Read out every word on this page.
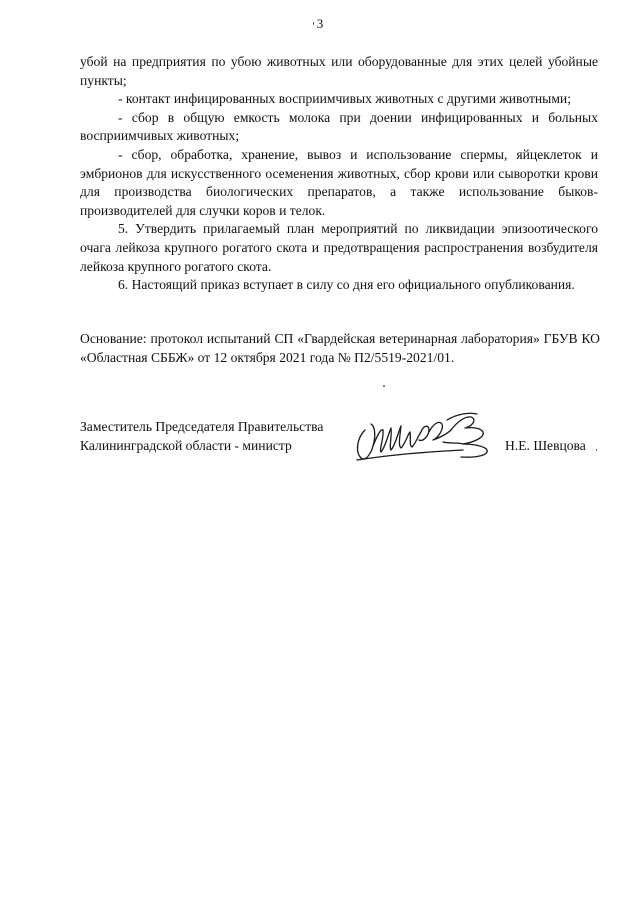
3

убой на предприятия по убою животных или оборудованные для этих целей убойные пункты;

- контакт инфицированных восприимчивых животных с другими животными;

- сбор в общую емкость молока при доении инфицированных и больных восприимчивых животных;

- сбор, обработка, хранение, вывоз и использование спермы, яйцеклеток и эмбрионов для искусственного осеменения животных, сбор крови или сыворотки крови для производства биологических препаратов, а также использование быков-производителей для случки коров и телок.

5. Утвердить прилагаемый план мероприятий по ликвидации эпизоотического очага лейкоза крупного рогатого скота и предотвращения распространения возбудителя лейкоза крупного рогатого скота.

6. Настоящий приказ вступает в силу со дня его официального опубликования.

Основание: протокол испытаний СП «Гвардейская ветеринарная лаборатория» ГБУВ КО «Областная СББЖ» от 12 октября 2021 года № П2/5519-2021/01.
Заместитель Председателя Правительства
Калининградской области - министр	Н.Е. Шевцова
